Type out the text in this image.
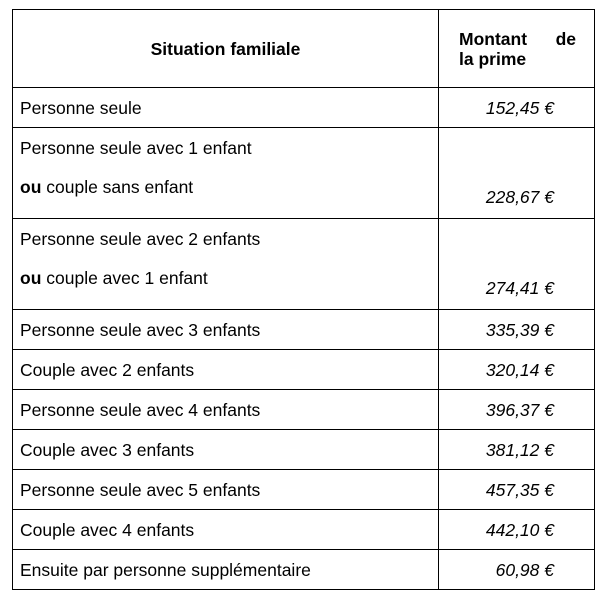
Situation familiale	Montant de
la prime

Personne seule	152,45 €

Personne seule avec 1 enfant
ou couple sans enfant	228,67 €

Personne seule avec 2 enfants
ou couple avec 1 enfant	274,41 €
Personne seule avec 3 enfants	335,39 €
Couple avec 2 enfants	320,14 €
Personne seule avec 4 enfants	396,37 €
Couple avec 3 enfants	381,12 €
Personne seule avec 5 enfants	457,35 €
Couple avec 4 enfants	442,10 €
Ensuite par personne supplémentaire	60,98 €
